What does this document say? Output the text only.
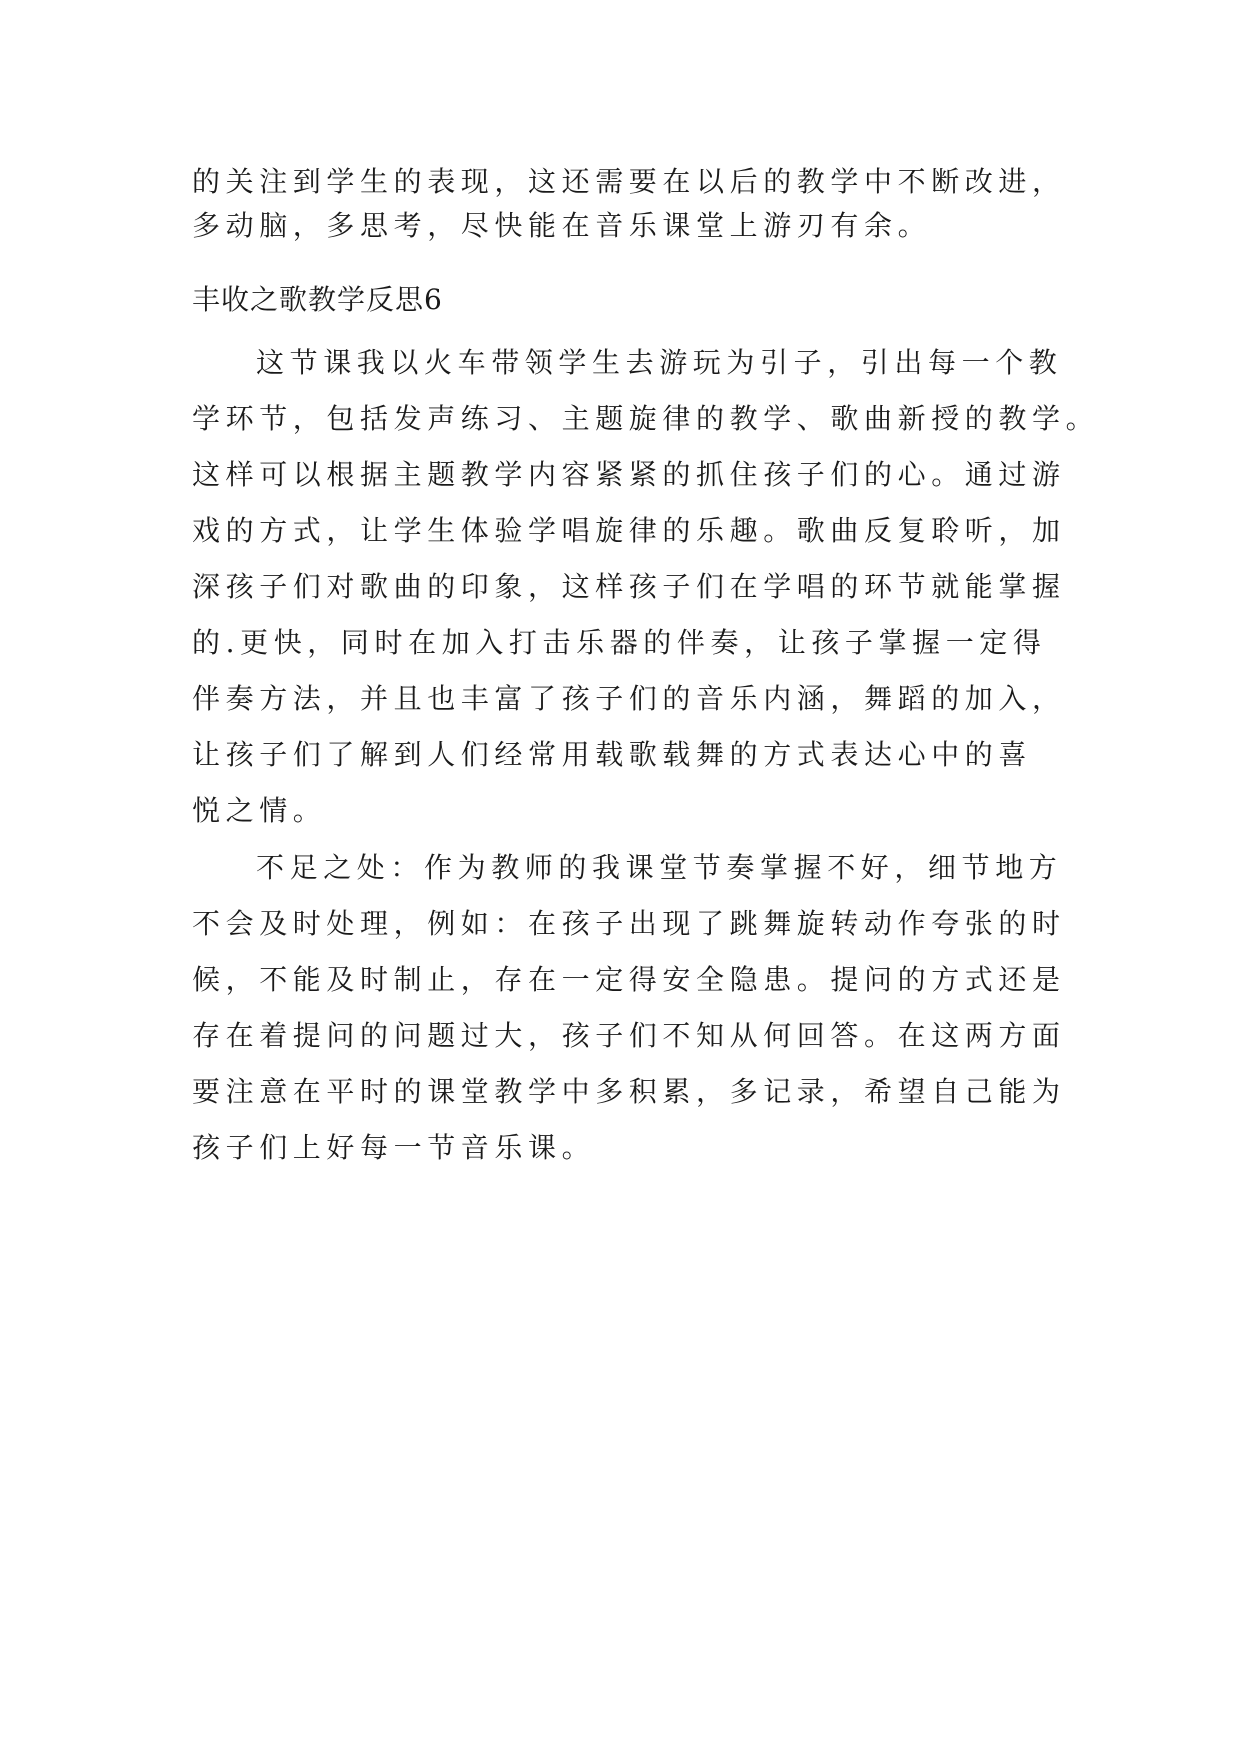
的关注到学生的表现，这还需要在以后的教学中不断改进，
多动脑，多思考，尽快能在音乐课堂上游刃有余。
丰收之歌教学反思6
这节课我以火车带领学生去游玩为引子，引出每一个教
学环节，包括发声练习、主题旋律的教学、歌曲新授的教学。
这样可以根据主题教学内容紧紧的抓住孩子们的心。通过游
戏的方式，让学生体验学唱旋律的乐趣。歌曲反复聆听，加
深孩子们对歌曲的印象，这样孩子们在学唱的环节就能掌握
的.更快，同时在加入打击乐器的伴奏，让孩子掌握一定得
伴奏方法，并且也丰富了孩子们的音乐内涵，舞蹈的加入，
让孩子们了解到人们经常用载歌载舞的方式表达心中的喜
悦之情。
不足之处：作为教师的我课堂节奏掌握不好，细节地方
不会及时处理，例如：在孩子出现了跳舞旋转动作夸张的时
候，不能及时制止，存在一定得安全隐患。提问的方式还是
存在着提问的问题过大，孩子们不知从何回答。在这两方面
要注意在平时的课堂教学中多积累，多记录，希望自己能为
孩子们上好每一节音乐课。
